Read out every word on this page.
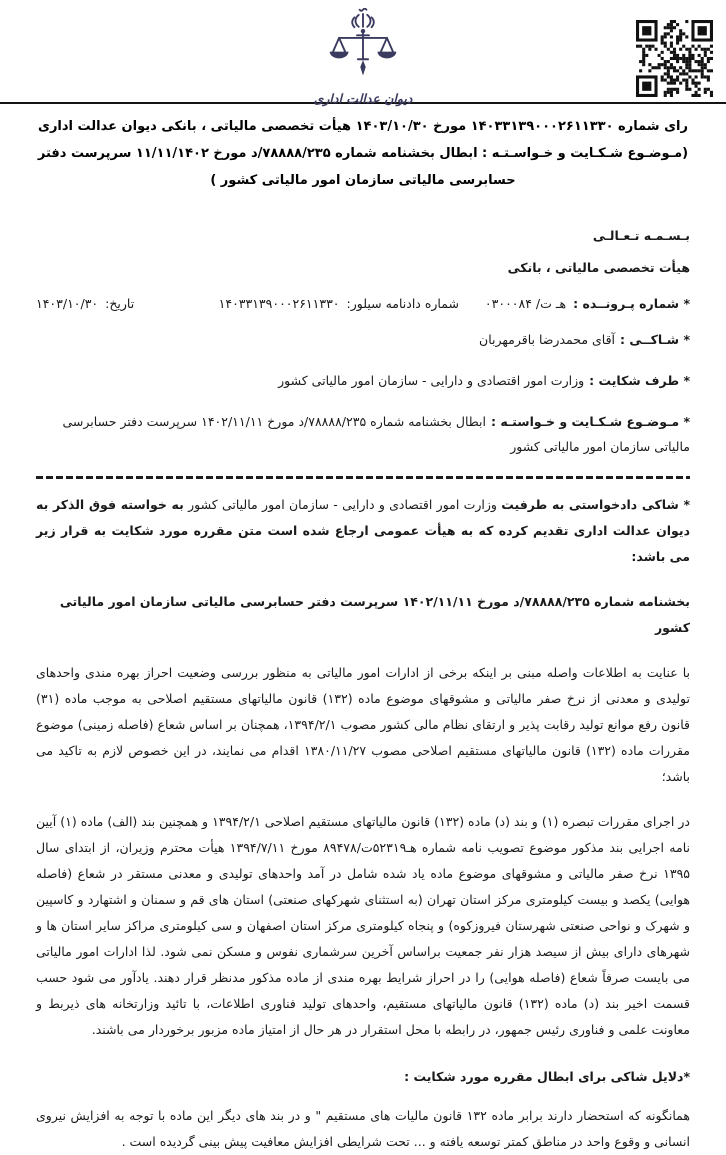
دیوان عدالت اداری
رای شماره ۱۴۰۳۳۱۳۹۰۰۰۲۶۱۱۳۳۰ مورخ ۱۴۰۳/۱۰/۳۰ هیأت تخصصی مالیاتی ، بانکی دیوان عدالت اداری (مـوضـوع شـکـایت و خـواسـتـه : ابطال بخشنامه شماره ۷۸۸۸۸/۲۳۵/د مورخ ۱۱/۱۱/۱۴۰۲ سرپرست دفتر حسابرسی مالیاتی سازمان امور مالیاتی کشور )
بـسـمـه تـعـالـی
هیأت تخصصی مالیاتی ، بانکی
* شماره پـرونــده :
هـ ت/ ۰۳۰۰۰۸۴
شماره دادنامه سیلور:
۱۴۰۳۳۱۳۹۰۰۰۲۶۱۱۳۳۰
تاریخ:
۱۴۰۳/۱۰/۳۰

* شـاکــی :آقای محمدرضا باقرمهربان

* طرف شکایت :وزارت امور اقتصادی و دارایی - سازمان امور مالیاتی کشور

* مـوضـوع شـکـایت و خـواستـه :ابطال بخشنامه شماره ۷۸۸۸۸/۲۳۵/د مورخ ۱۴۰۲/۱۱/۱۱ سرپرست دفتر حسابرسی مالیاتی سازمان امور مالیاتی کشور

* شاکی دادخواستی به طرفیت وزارت امور اقتصادی و دارایی - سازمان امور مالیاتی کشور به خواسته فوق الذکر به دیوان عدالت اداری تقدیم کرده که به هیأت عمومی ارجاع شده است متن مقرره مورد شکایت به قرار زیر می باشد:

بخشنامه شماره ۷۸۸۸۸/۲۳۵/د مورخ ۱۴۰۲/۱۱/۱۱ سرپرست دفتر حسابرسی مالیاتی سازمان امور مالیاتی کشور

با عنایت به اطلاعات واصله مبنی بر اینکه برخی از ادارات امور مالیاتی به منظور بررسی وضعیت احراز بهره مندی واحدهای تولیدی و معدنی از نرخ صفر مالیاتی و مشوقهای موضوع ماده (۱۳۲) قانون مالیاتهای مستقیم اصلاحی به موجب ماده (۳۱) قانون رفع موانع تولید رقابت پذیر و ارتقای نظام مالی کشور مصوب ۱۳۹۴/۲/۱، همچنان بر اساس شعاع (فاصله زمینی) موضوع مقررات ماده (۱۳۲) قانون مالیاتهای مستقیم اصلاحی مصوب ۱۳۸۰/۱۱/۲۷ اقدام می نمایند، در این خصوص لازم به تاکید می باشد؛

در اجرای مقررات تبصره (۱) و بند (د) ماده (۱۳۲) قانون مالیاتهای مستقیم اصلاحی ۱۳۹۴/۲/۱ و همچنین بند (الف) ماده (۱) آیین نامه اجرایی بند مذکور موضوع تصویب نامه شماره هـ۵۲۳۱۹ت/۸۹۴۷۸ مورخ ۱۳۹۴/۷/۱۱ هیأت محترم وزیران، از ابتدای سال ۱۳۹۵ نرخ صفر مالیاتی و مشوقهای موضوع ماده یاد شده شامل در آمد واحدهای تولیدی و معدنی مستقر در شعاع (فاصله هوایی) یکصد و بیست کیلومتری مرکز استان تهران (به استثنای شهرکهای صنعتی) استان های قم و سمنان و اشتهارد و کاسپین و شهرک و نواحی صنعتی شهرستان فیروزکوه) و پنجاه کیلومتری مرکز استان اصفهان و سی کیلومتری مراکز سایر استان ها و شهرهای دارای بیش از سیصد هزار نفر جمعیت براساس آخرین سرشماری نفوس و مسکن نمی شود. لذا ادارات امور مالیاتی می بایست صرفاً شعاع (فاصله هوایی) را در احراز شرایط بهره مندی از ماده مذکور مدنظر قرار دهند. یادآور می شود حسب قسمت اخیر بند (د) ماده (۱۳۲) قانون مالیاتهای مستقیم، واحدهای تولید فناوری اطلاعات، با تائید وزارتخانه های ذیربط و معاونت علمی و فناوری رئیس جمهور، در رابطه با محل استقرار در هر حال از امتیاز ماده مزبور برخوردار می باشند.

*دلایل شاکی برای ابطال مقرره مورد شکایت :

همانگونه که استحضار دارند برابر ماده ۱۳۲ قانون مالیات های مستقیم " و در بند های دیگر این ماده با توجه به افزایش نیروی انسانی و وقوع واحد در مناطق کمتر توسعه یافته و ... تحت شرایطی افزایش معافیت پیش بینی گردیده است .
